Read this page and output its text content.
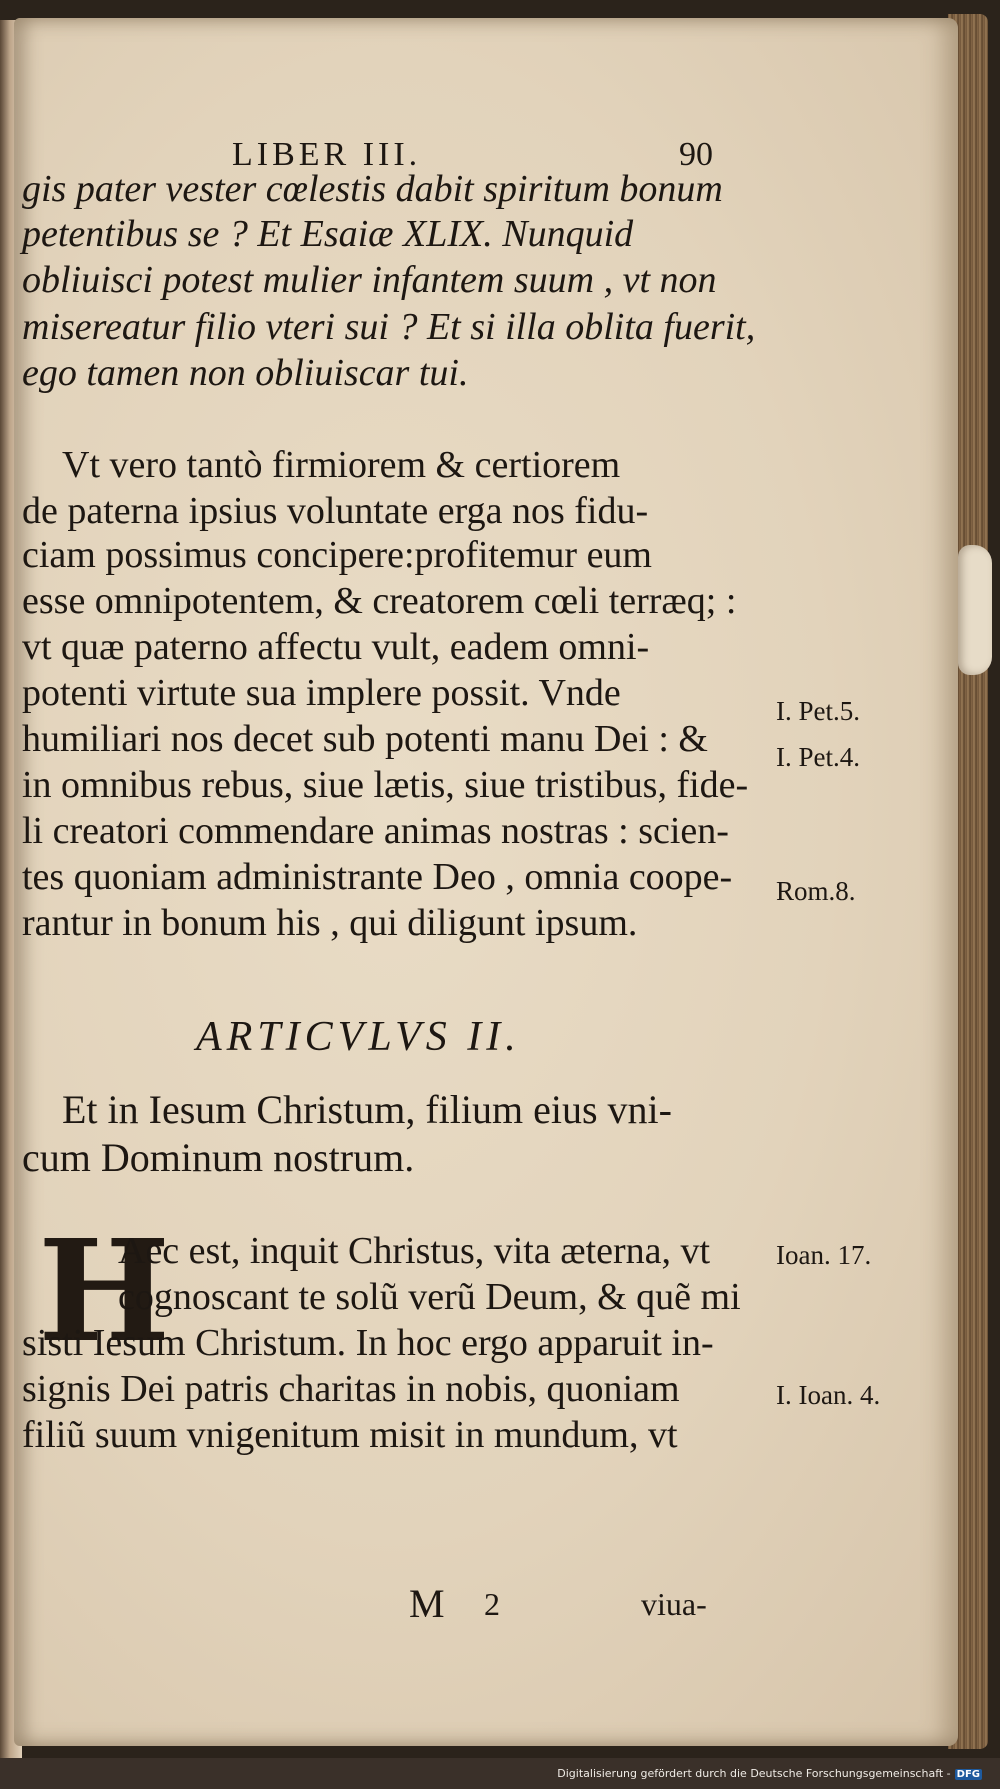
LIBER III.	90
gis pater vester cœlestis dabit spiritum bonum
petentibus se ? Et Esaiæ XLIX. Nunquid
obliuisci potest mulier infantem suum , vt non
misereatur filio vteri sui ? Et si illa oblita fuerit,
ego tamen non obliuiscar tui.
Vt vero tantò firmiorem & certiorem
de paterna ipsius voluntate erga nos fidu-
ciam possimus concipere:profitemur eum
esse omnipotentem, & creatorem cœli terræq; :
vt quæ paterno affectu vult, eadem omni-
potenti virtute sua implere possit. Vnde
humiliari nos decet sub potenti manu Dei : &
in omnibus rebus, siue lætis, siue tristibus, fide-
li creatori commendare animas nostras : scien-
tes quoniam administrante Deo , omnia coope-
rantur in bonum his , qui diligunt ipsum.
ARTICVLVS II.
Et in Iesum Christum, filium eius vni-
cum Dominum nostrum.
H
Aec est, inquit Christus, vita æterna, vt
cognoscant te solũ verũ Deum, & quẽ mi
sisti Iesum Christum. In hoc ergo apparuit in-
signis Dei patris charitas in nobis, quoniam
filiũ suum vnigenitum misit in mundum, vt
I. Pet.5.
I. Pet.4.
Rom.8.
Ioan. 17.
I. Ioan. 4.
M 2	viua-
Digitalisierung gefördert durch die Deutsche Forschungsgemeinschaft - DFG
